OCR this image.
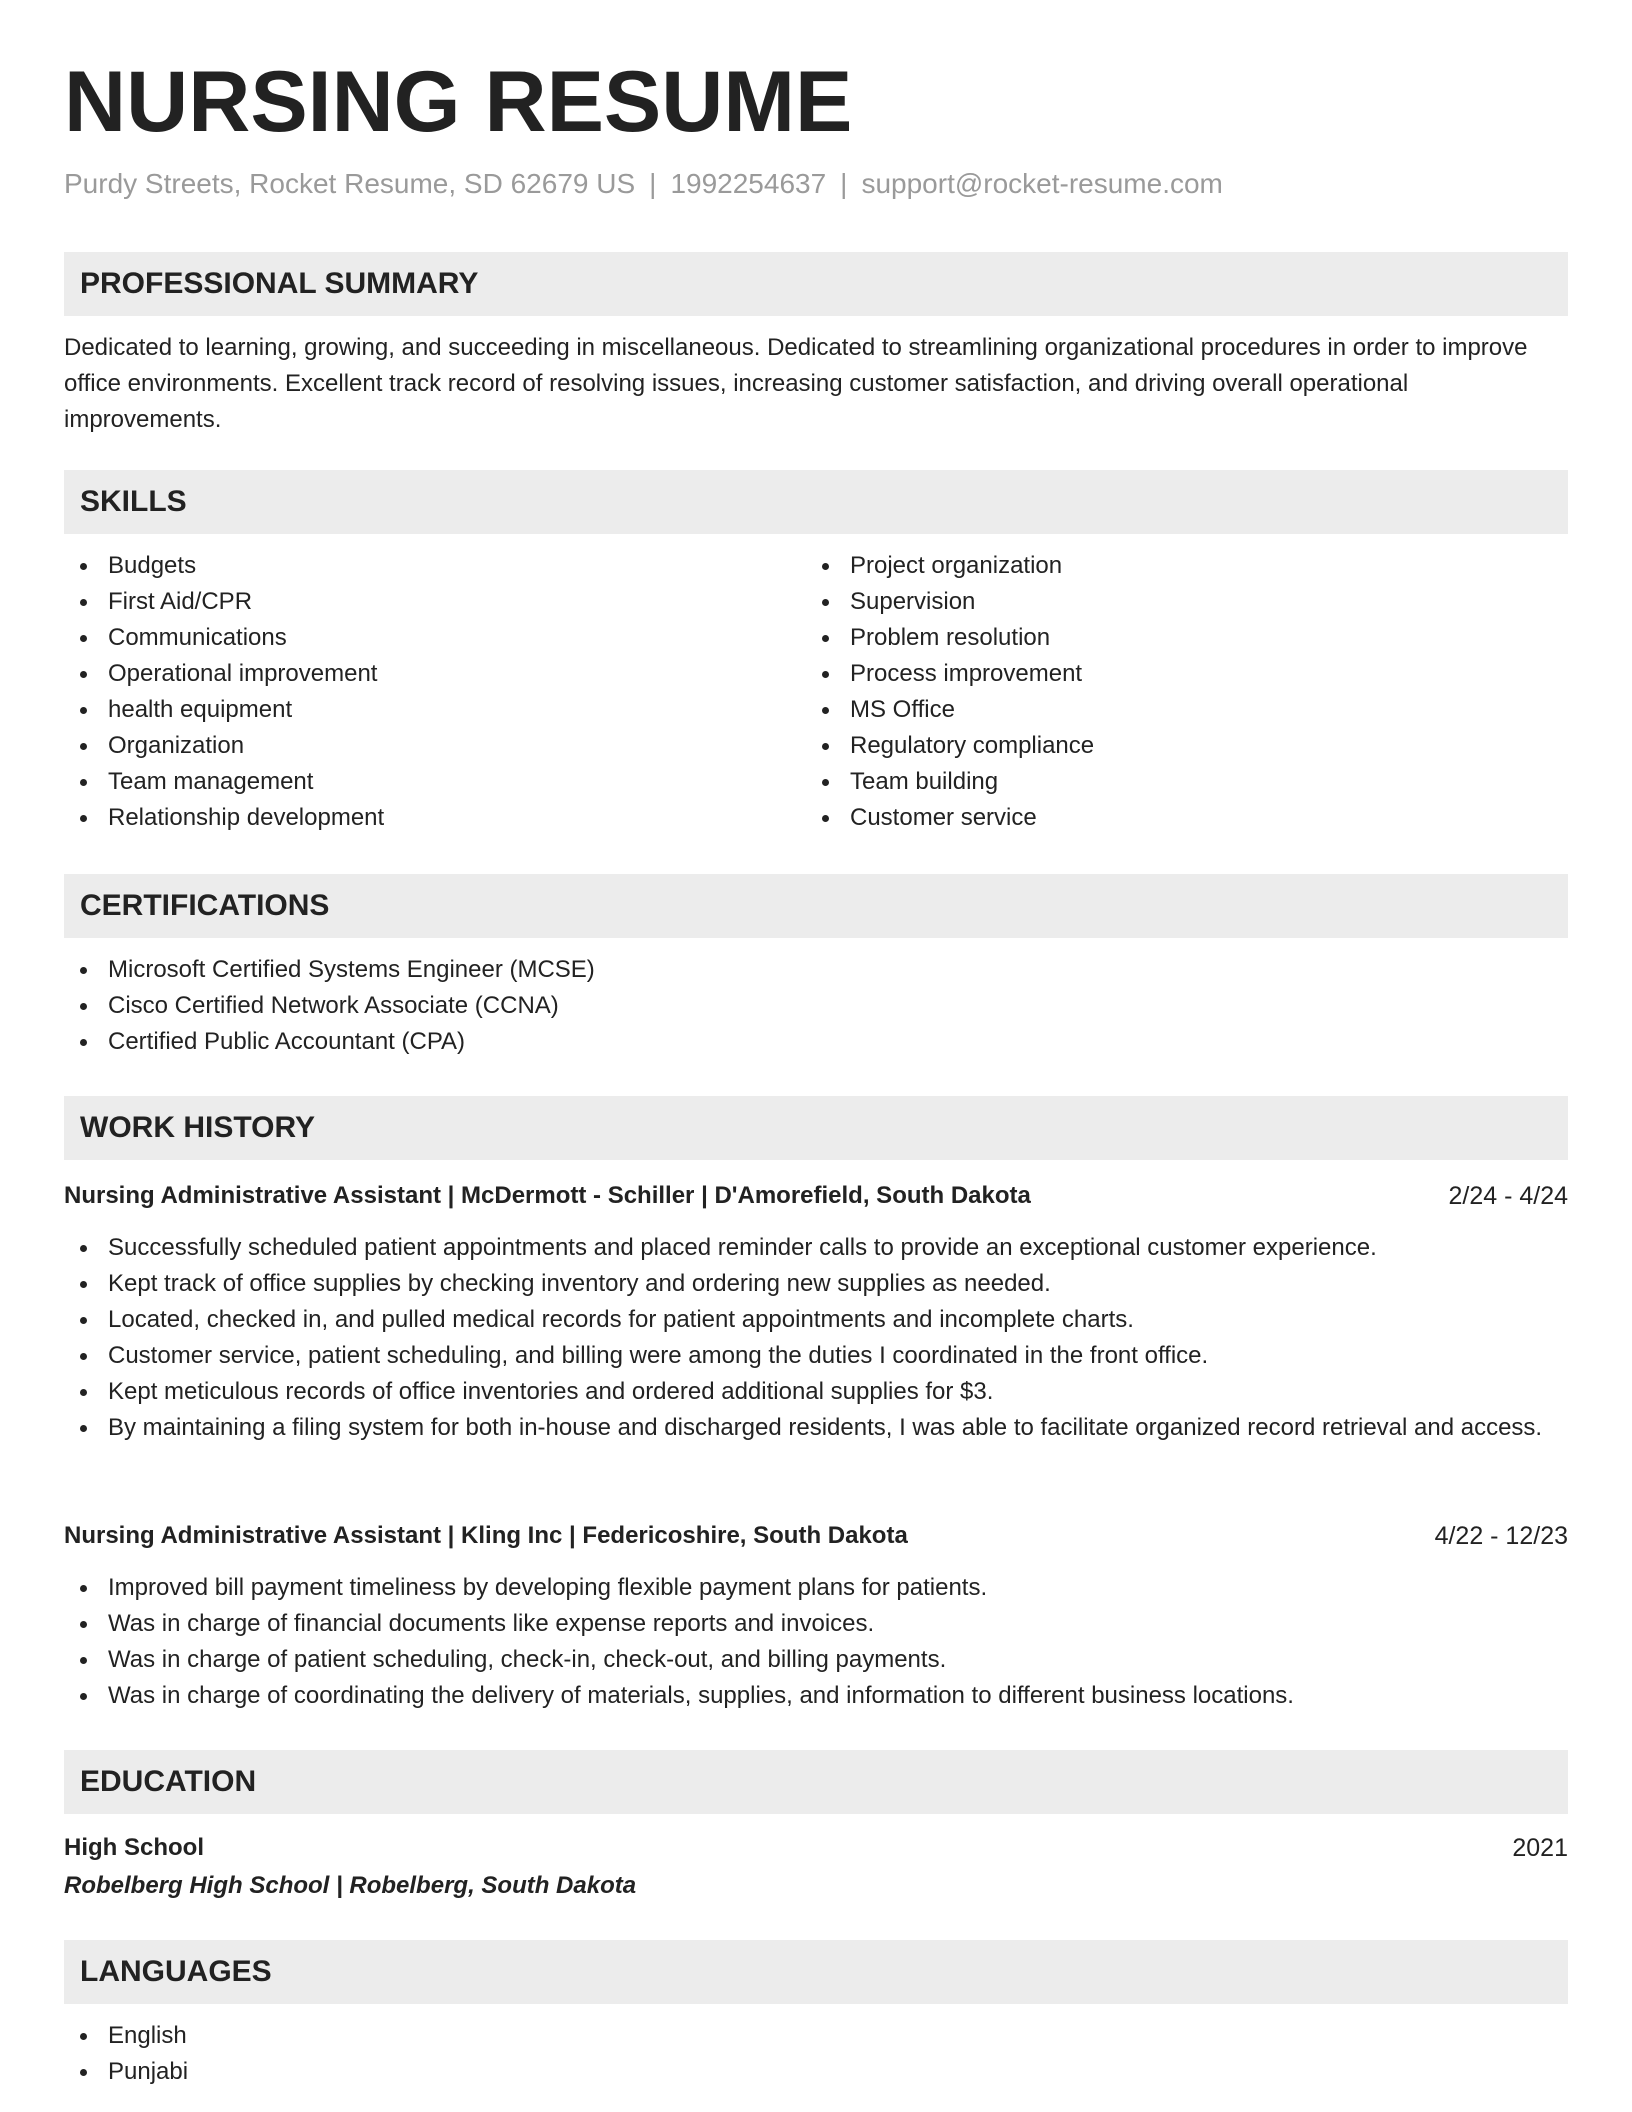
NURSING RESUME
Purdy Streets, Rocket Resume, SD 62679 US | 1992254637 | support@rocket-resume.com
PROFESSIONAL SUMMARY
Dedicated to learning, growing, and succeeding in miscellaneous. Dedicated to streamlining organizational procedures in order to improve office environments. Excellent track record of resolving issues, increasing customer satisfaction, and driving overall operational improvements.
SKILLS
Budgets
First Aid/CPR
Communications
Operational improvement
health equipment
Organization
Team management
Relationship development
Project organization
Supervision
Problem resolution
Process improvement
MS Office
Regulatory compliance
Team building
Customer service
CERTIFICATIONS
Microsoft Certified Systems Engineer (MCSE)
Cisco Certified Network Associate (CCNA)
Certified Public Accountant (CPA)
WORK HISTORY
Nursing Administrative Assistant | McDermott - Schiller | D'Amorefield, South Dakota	2/24 - 4/24
Successfully scheduled patient appointments and placed reminder calls to provide an exceptional customer experience.
Kept track of office supplies by checking inventory and ordering new supplies as needed.
Located, checked in, and pulled medical records for patient appointments and incomplete charts.
Customer service, patient scheduling, and billing were among the duties I coordinated in the front office.
Kept meticulous records of office inventories and ordered additional supplies for $3.
By maintaining a filing system for both in-house and discharged residents, I was able to facilitate organized record retrieval and access.
Nursing Administrative Assistant | Kling Inc | Federicoshire, South Dakota	4/22 - 12/23
Improved bill payment timeliness by developing flexible payment plans for patients.
Was in charge of financial documents like expense reports and invoices.
Was in charge of patient scheduling, check-in, check-out, and billing payments.
Was in charge of coordinating the delivery of materials, supplies, and information to different business locations.
EDUCATION
High School	2021
Robelberg High School | Robelberg, South Dakota
LANGUAGES
English
Punjabi
